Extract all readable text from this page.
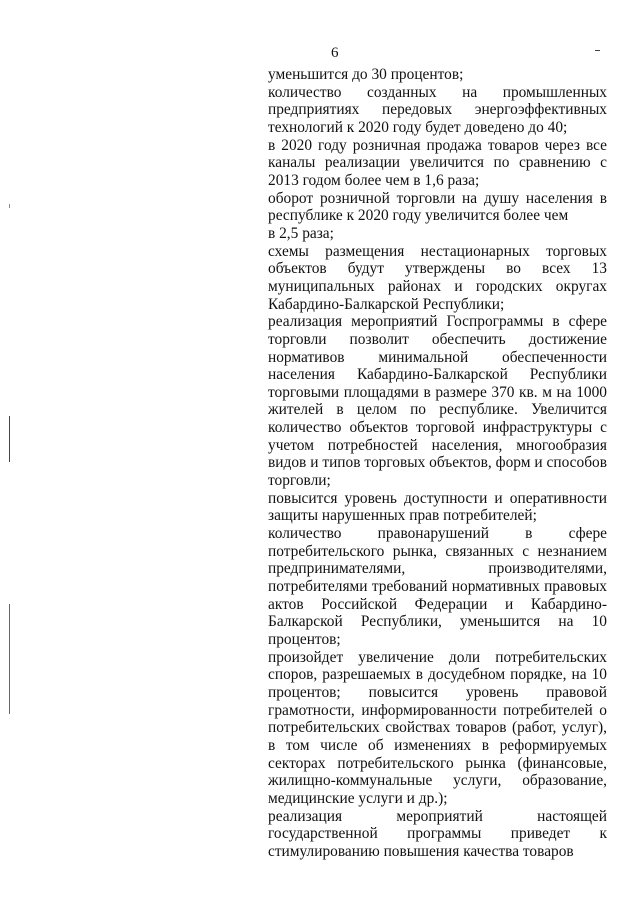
6

уменьшится до 30 процентов;

количество созданных на промышленных предприятиях передовых энергоэффективных технологий к 2020 году будет доведено до 40;

в 2020 году розничная продажа товаров через все каналы реализации увеличится по сравнению с 2013 годом более чем в 1,6 раза;

оборот розничной торговли на душу населения в республике к 2020 году увеличится более чем

в 2,5 раза;

схемы размещения нестационарных торговых объектов будут утверждены во всех 13 муниципальных районах и городских округах Кабардино-Балкарской Республики;

реализация мероприятий Госпрограммы в сфере торговли позволит обеспечить достижение нормативов минимальной обеспеченности населения Кабардино-Балкарской Республики торговыми площадями в размере 370 кв. м на 1000 жителей в целом по республике. Увеличится количество объектов торговой инфраструктуры с учетом потребностей населения, многообразия видов и типов торговых объектов, форм и способов торговли;

повысится уровень доступности и оперативности защиты нарушенных прав потребителей;

количество правонарушений в сфере потребительского рынка, связанных с незнанием предпринимателями, производителями, потребителями требований нормативных правовых актов Российской Федерации и Кабардино-Балкарской Республики, уменьшится на 10 процентов;

произойдет увеличение доли потребительских споров, разрешаемых в досудебном порядке, на 10 процентов; повысится уровень правовой грамотности, информированности потребителей о потребительских свойствах товаров (работ, услуг), в том числе об изменениях в реформируемых секторах потребительского рынка (финансовые, жилищно-коммунальные услуги, образование, медицинские услуги и др.);

реализация мероприятий настоящей государственной программы приведет к стимулированию повышения качества товаров
